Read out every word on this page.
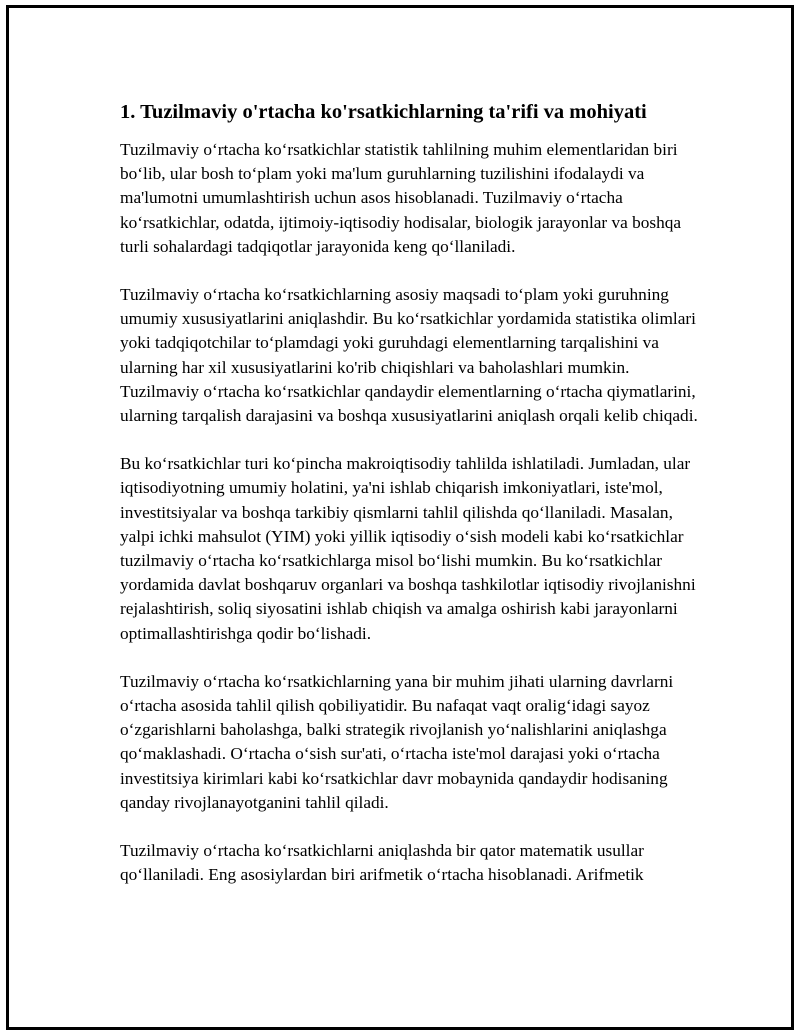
1. Tuzilmaviy o'rtacha ko'rsatkichlarning ta'rifi va mohiyati

Tuzilmaviy o‘rtacha ko‘rsatkichlar statistik tahlilning muhim elementlaridan biri bo‘lib, ular bosh to‘plam yoki ma'lum guruhlarning tuzilishini ifodalaydi va ma'lumotni umumlashtirish uchun asos hisoblanadi. Tuzilmaviy o‘rtacha ko‘rsatkichlar, odatda, ijtimoiy-iqtisodiy hodisalar, biologik jarayonlar va boshqa turli sohalardagi tadqiqotlar jarayonida keng qo‘llaniladi.

Tuzilmaviy o‘rtacha ko‘rsatkichlarning asosiy maqsadi to‘plam yoki guruhning umumiy xususiyatlarini aniqlashdir. Bu ko‘rsatkichlar yordamida statistika olimlari yoki tadqiqotchilar to‘plamdagi yoki guruhdagi elementlarning tarqalishini va ularning har xil xususiyatlarini ko'rib chiqishlari va baholashlari mumkin. Tuzilmaviy o‘rtacha ko‘rsatkichlar qandaydir elementlarning o‘rtacha qiymatlarini, ularning tarqalish darajasini va boshqa xususiyatlarini aniqlash orqali kelib chiqadi.

Bu ko‘rsatkichlar turi ko‘pincha makroiqtisodiy tahlilda ishlatiladi. Jumladan, ular iqtisodiyotning umumiy holatini, ya'ni ishlab chiqarish imkoniyatlari, iste'mol, investitsiyalar va boshqa tarkibiy qismlarni tahlil qilishda qo‘llaniladi. Masalan, yalpi ichki mahsulot (YIM) yoki yillik iqtisodiy o‘sish modeli kabi ko‘rsatkichlar tuzilmaviy o‘rtacha ko‘rsatkichlarga misol bo‘lishi mumkin. Bu ko‘rsatkichlar yordamida davlat boshqaruv organlari va boshqa tashkilotlar iqtisodiy rivojlanishni rejalashtirish, soliq siyosatini ishlab chiqish va amalga oshirish kabi jarayonlarni optimallashtirishga qodir bo‘lishadi.

Tuzilmaviy o‘rtacha ko‘rsatkichlarning yana bir muhim jihati ularning davrlarni o‘rtacha asosida tahlil qilish qobiliyatidir. Bu nafaqat vaqt oralig‘idagi sayoz o‘zgarishlarni baholashga, balki strategik rivojlanish yo‘nalishlarini aniqlashga qo‘maklashadi. O‘rtacha o‘sish sur'ati, o‘rtacha iste'mol darajasi yoki o‘rtacha investitsiya kirimlari kabi ko‘rsatkichlar davr mobaynida qandaydir hodisaning qanday rivojlanayotganini tahlil qiladi.

Tuzilmaviy o‘rtacha ko‘rsatkichlarni aniqlashda bir qator matematik usullar qo‘llaniladi. Eng asosiylardan biri arifmetik o‘rtacha hisoblanadi. Arifmetik
